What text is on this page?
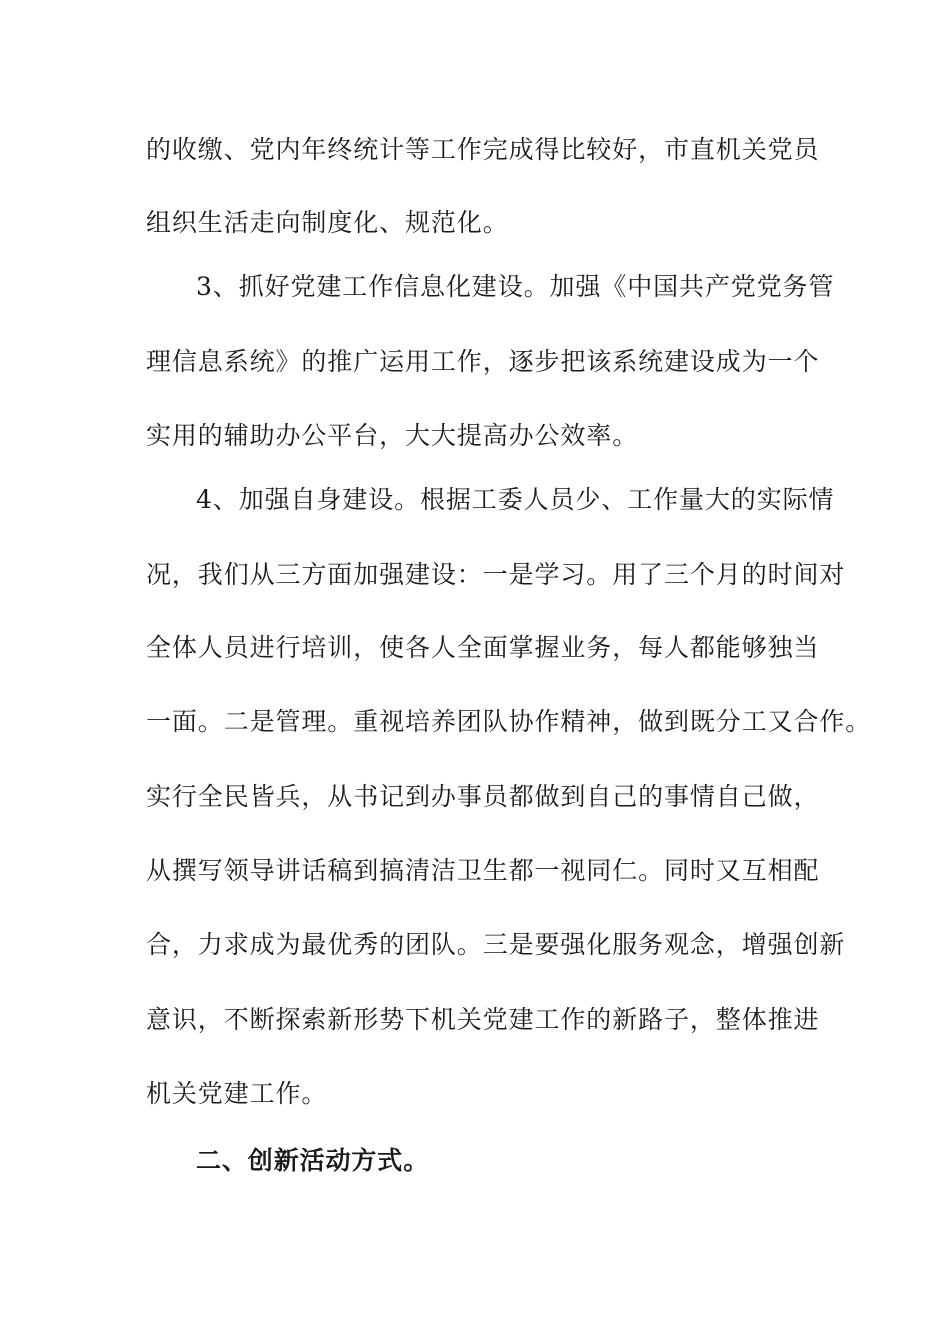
的收缴、党内年终统计等工作完成得比较好，市直机关党员
组织生活走向制度化、规范化。
3、抓好党建工作信息化建设。加强《中国共产党党务管
理信息系统》的推广运用工作，逐步把该系统建设成为一个
实用的辅助办公平台，大大提高办公效率。
4、加强自身建设。根据工委人员少、工作量大的实际情
况，我们从三方面加强建设：一是学习。用了三个月的时间对
全体人员进行培训，使各人全面掌握业务，每人都能够独当
一面。二是管理。重视培养团队协作精神，做到既分工又合作。
实行全民皆兵，从书记到办事员都做到自己的事情自己做，
从撰写领导讲话稿到搞清洁卫生都一视同仁。同时又互相配
合，力求成为最优秀的团队。三是要强化服务观念，增强创新
意识，不断探索新形势下机关党建工作的新路子，整体推进
机关党建工作。
二、创新活动方式。
